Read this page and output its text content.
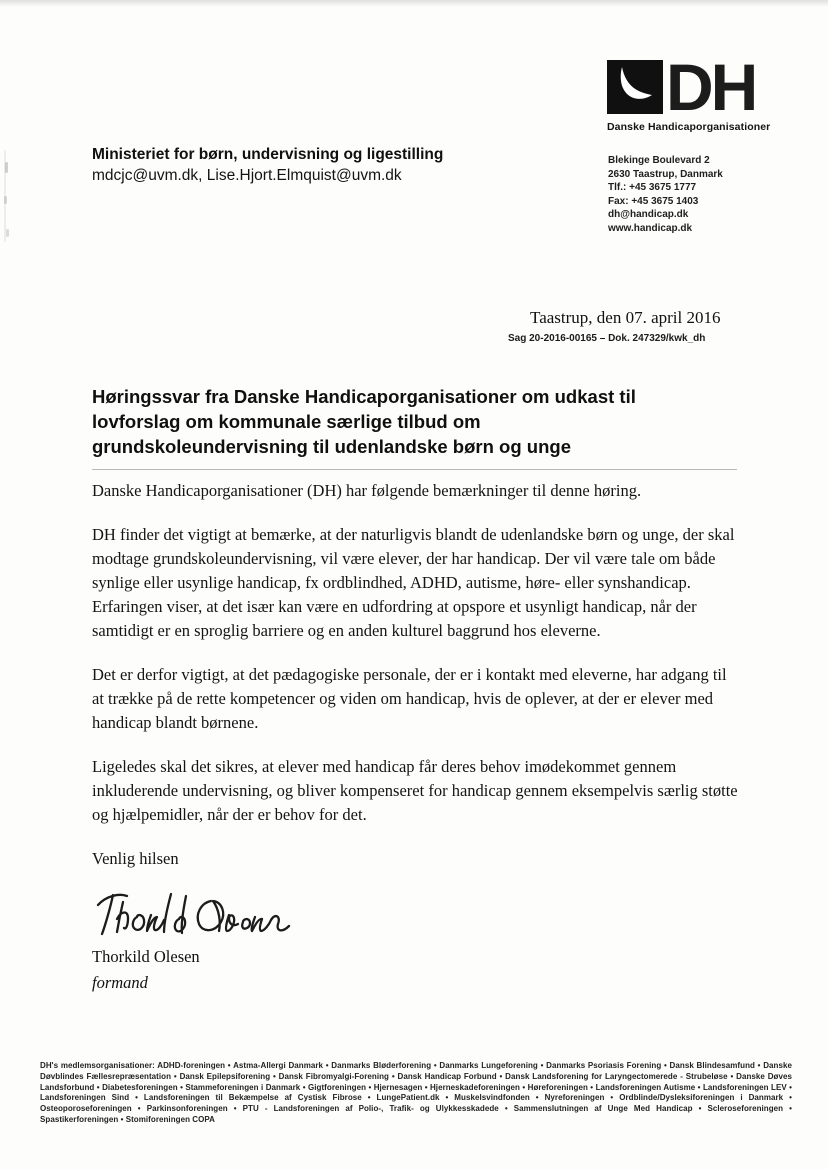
DH
Danske Handicaporganisationer
Ministeriet for børn, undervisning og ligestilling
mdcjc@uvm.dk, Lise.Hjort.Elmquist@uvm.dk
Blekinge Boulevard 2
2630 Taastrup, Danmark
Tlf.: +45 3675 1777
Fax: +45 3675 1403
dh@handicap.dk
www.handicap.dk
Taastrup, den 07. april 2016
Sag 20-2016-00165 – Dok. 247329/kwk_dh
Høringssvar fra Danske Handicaporganisationer om udkast til
lovforslag om kommunale særlige tilbud om
grundskoleundervisning til udenlandske børn og unge

Danske Handicaporganisationer (DH) har følgende bemærkninger til denne høring.

DH finder det vigtigt at bemærke, at der naturligvis blandt de udenlandske børn og unge, der skal modtage grundskoleundervisning, vil være elever, der har handicap. Der vil være tale om både synlige eller usynlige handicap, fx ordblindhed, ADHD, autisme, høre- eller synshandicap. Erfaringen viser, at det især kan være en udfordring at opspore et usynligt handicap, når der samtidigt er en sproglig barriere og en anden kulturel baggrund hos eleverne.

Det er derfor vigtigt, at det pædagogiske personale, der er i kontakt med eleverne, har adgang til at trække på de rette kompetencer og viden om handicap, hvis de oplever, at der er elever med handicap blandt børnene.

Ligeledes skal det sikres, at elever med handicap får deres behov imødekommet gennem inkluderende undervisning, og bliver kompenseret for handicap gennem eksempelvis særlig støtte og hjælpemidler, når der er behov for det.

Venlig hilsen

Thorkild Olesen
formand
DH's medlemsorganisationer: ADHD-foreningen • Astma-Allergi Danmark • Danmarks Bløderforening • Danmarks Lungeforening • Danmarks Psoriasis Forening • Dansk Blindesamfund • Danske Døvblindes Fællesrepræsentation • Dansk Epilepsiforening • Dansk Fibromyalgi-Forening • Dansk Handicap Forbund • Dansk Landsforening for Laryngectomerede - Strubeløse • Danske Døves Landsforbund • Diabetesforeningen • Stammeforeningen i Danmark • Gigtforeningen • Hjernesagen • Hjerneskadeforeningen • Høreforeningen • Landsforeningen Autisme • Landsforeningen LEV • Landsforeningen Sind • Landsforeningen til Bekæmpelse af Cystisk Fibrose • LungePatient.dk • Muskelsvindfonden • Nyreforeningen • Ordblinde/Dysleksiforeningen i Danmark • Osteoporoseforeningen • Parkinsonforeningen • PTU - Landsforeningen af Polio-, Trafik- og Ulykkesskadede • Sammenslutningen af Unge Med Handicap • Scleroseforeningen • Spastikerforeningen • Stomiforeningen COPA
